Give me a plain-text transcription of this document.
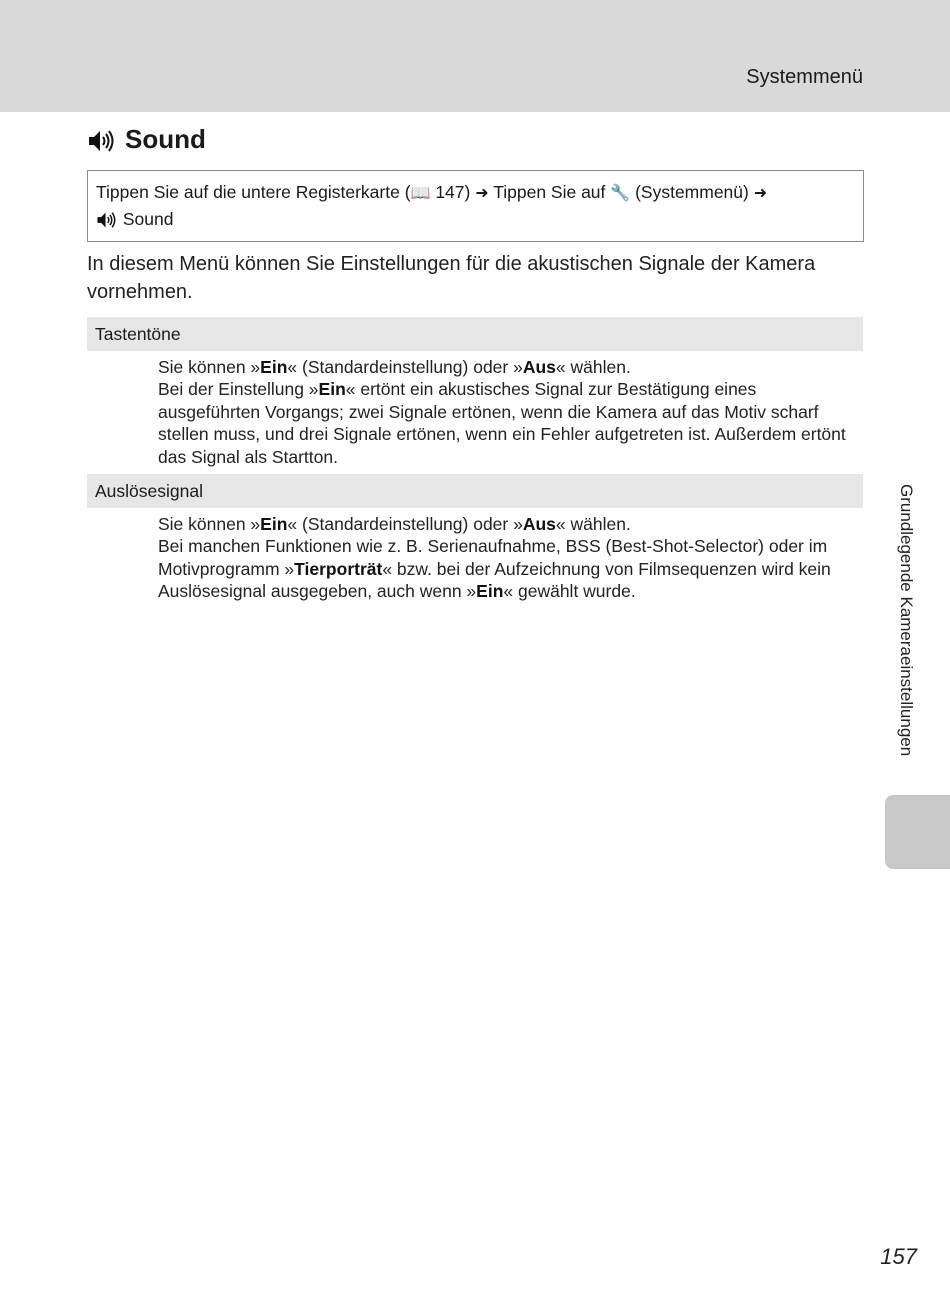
Systemmenü
Sound
Tippen Sie auf die untere Registerkarte (📖 147) ➜ Tippen Sie auf 🔧 (Systemmenü) ➜
Sound
In diesem Menü können Sie Einstellungen für die akustischen Signale der Kamera vornehmen.
Tastentöne

Sie können »Ein« (Standardeinstellung) oder »Aus« wählen.

Bei der Einstellung »Ein« ertönt ein akustisches Signal zur Bestätigung eines ausgeführten Vorgangs; zwei Signale ertönen, wenn die Kamera auf das Motiv scharf stellen muss, und drei Signale ertönen, wenn ein Fehler aufgetreten ist. Außerdem ertönt das Signal als Startton.

Auslösesignal

Sie können »Ein« (Standardeinstellung) oder »Aus« wählen.

Bei manchen Funktionen wie z. B. Serienaufnahme, BSS (Best-Shot-Selector) oder im Motivprogramm »Tierporträt« bzw. bei der Aufzeichnung von Filmsequenzen wird kein Auslösesignal ausgegeben, auch wenn »Ein« gewählt wurde.	Grundlegende Kameraeinstellungen
157
